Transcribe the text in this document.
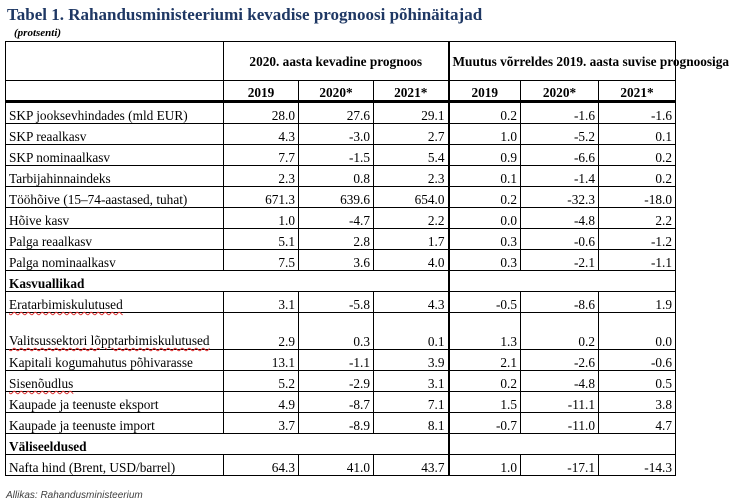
Tabel 1. Rahandusministeeriumi kevadise prognoosi põhinäitajad
(protsenti)
	2020. aasta kevadine prognoos			Muutus võrreldes 2019. aasta suvise prognoosiga		
	2019	2020*	2021*	2019	2020*	2021*
SKP jooksevhindades (mld EUR)	28.0	27.6	29.1	0.2	-1.6	-1.6
SKP reaalkasv	4.3	-3.0	2.7	1.0	-5.2	0.1
SKP nominaalkasv	7.7	-1.5	5.4	0.9	-6.6	0.2
Tarbijahinnaindeks	2.3	0.8	2.3	0.1	-1.4	0.2
Tööhõive (15–74-aastased, tuhat)	671.3	639.6	654.0	0.2	-32.3	-18.0
Hõive kasv	1.0	-4.7	2.2	0.0	-4.8	2.2
Palga reaalkasv	5.1	2.8	1.7	0.3	-0.6	-1.2
Palga nominaalkasv	7.5	3.6	4.0	0.3	-2.1	-1.1
Kasvuallikad						
Eratarbimiskulutused	3.1	-5.8	4.3	-0.5	-8.6	1.9
Valitsussektori lõpptarbimiskulutused	2.9	0.3	0.1	1.3	0.2	0.0
Kapitali kogumahutus põhivarasse	13.1	-1.1	3.9	2.1	-2.6	-0.6
Sisenõudlus	5.2	-2.9	3.1	0.2	-4.8	0.5
Kaupade ja teenuste eksport	4.9	-8.7	7.1	1.5	-11.1	3.8
Kaupade ja teenuste import	3.7	-8.9	8.1	-0.7	-11.0	4.7
Väliseeldused						
Nafta hind (Brent, USD/barrel)	64.3	41.0	43.7	1.0	-17.1	-14.3
Allikas: Rahandusministeerium
